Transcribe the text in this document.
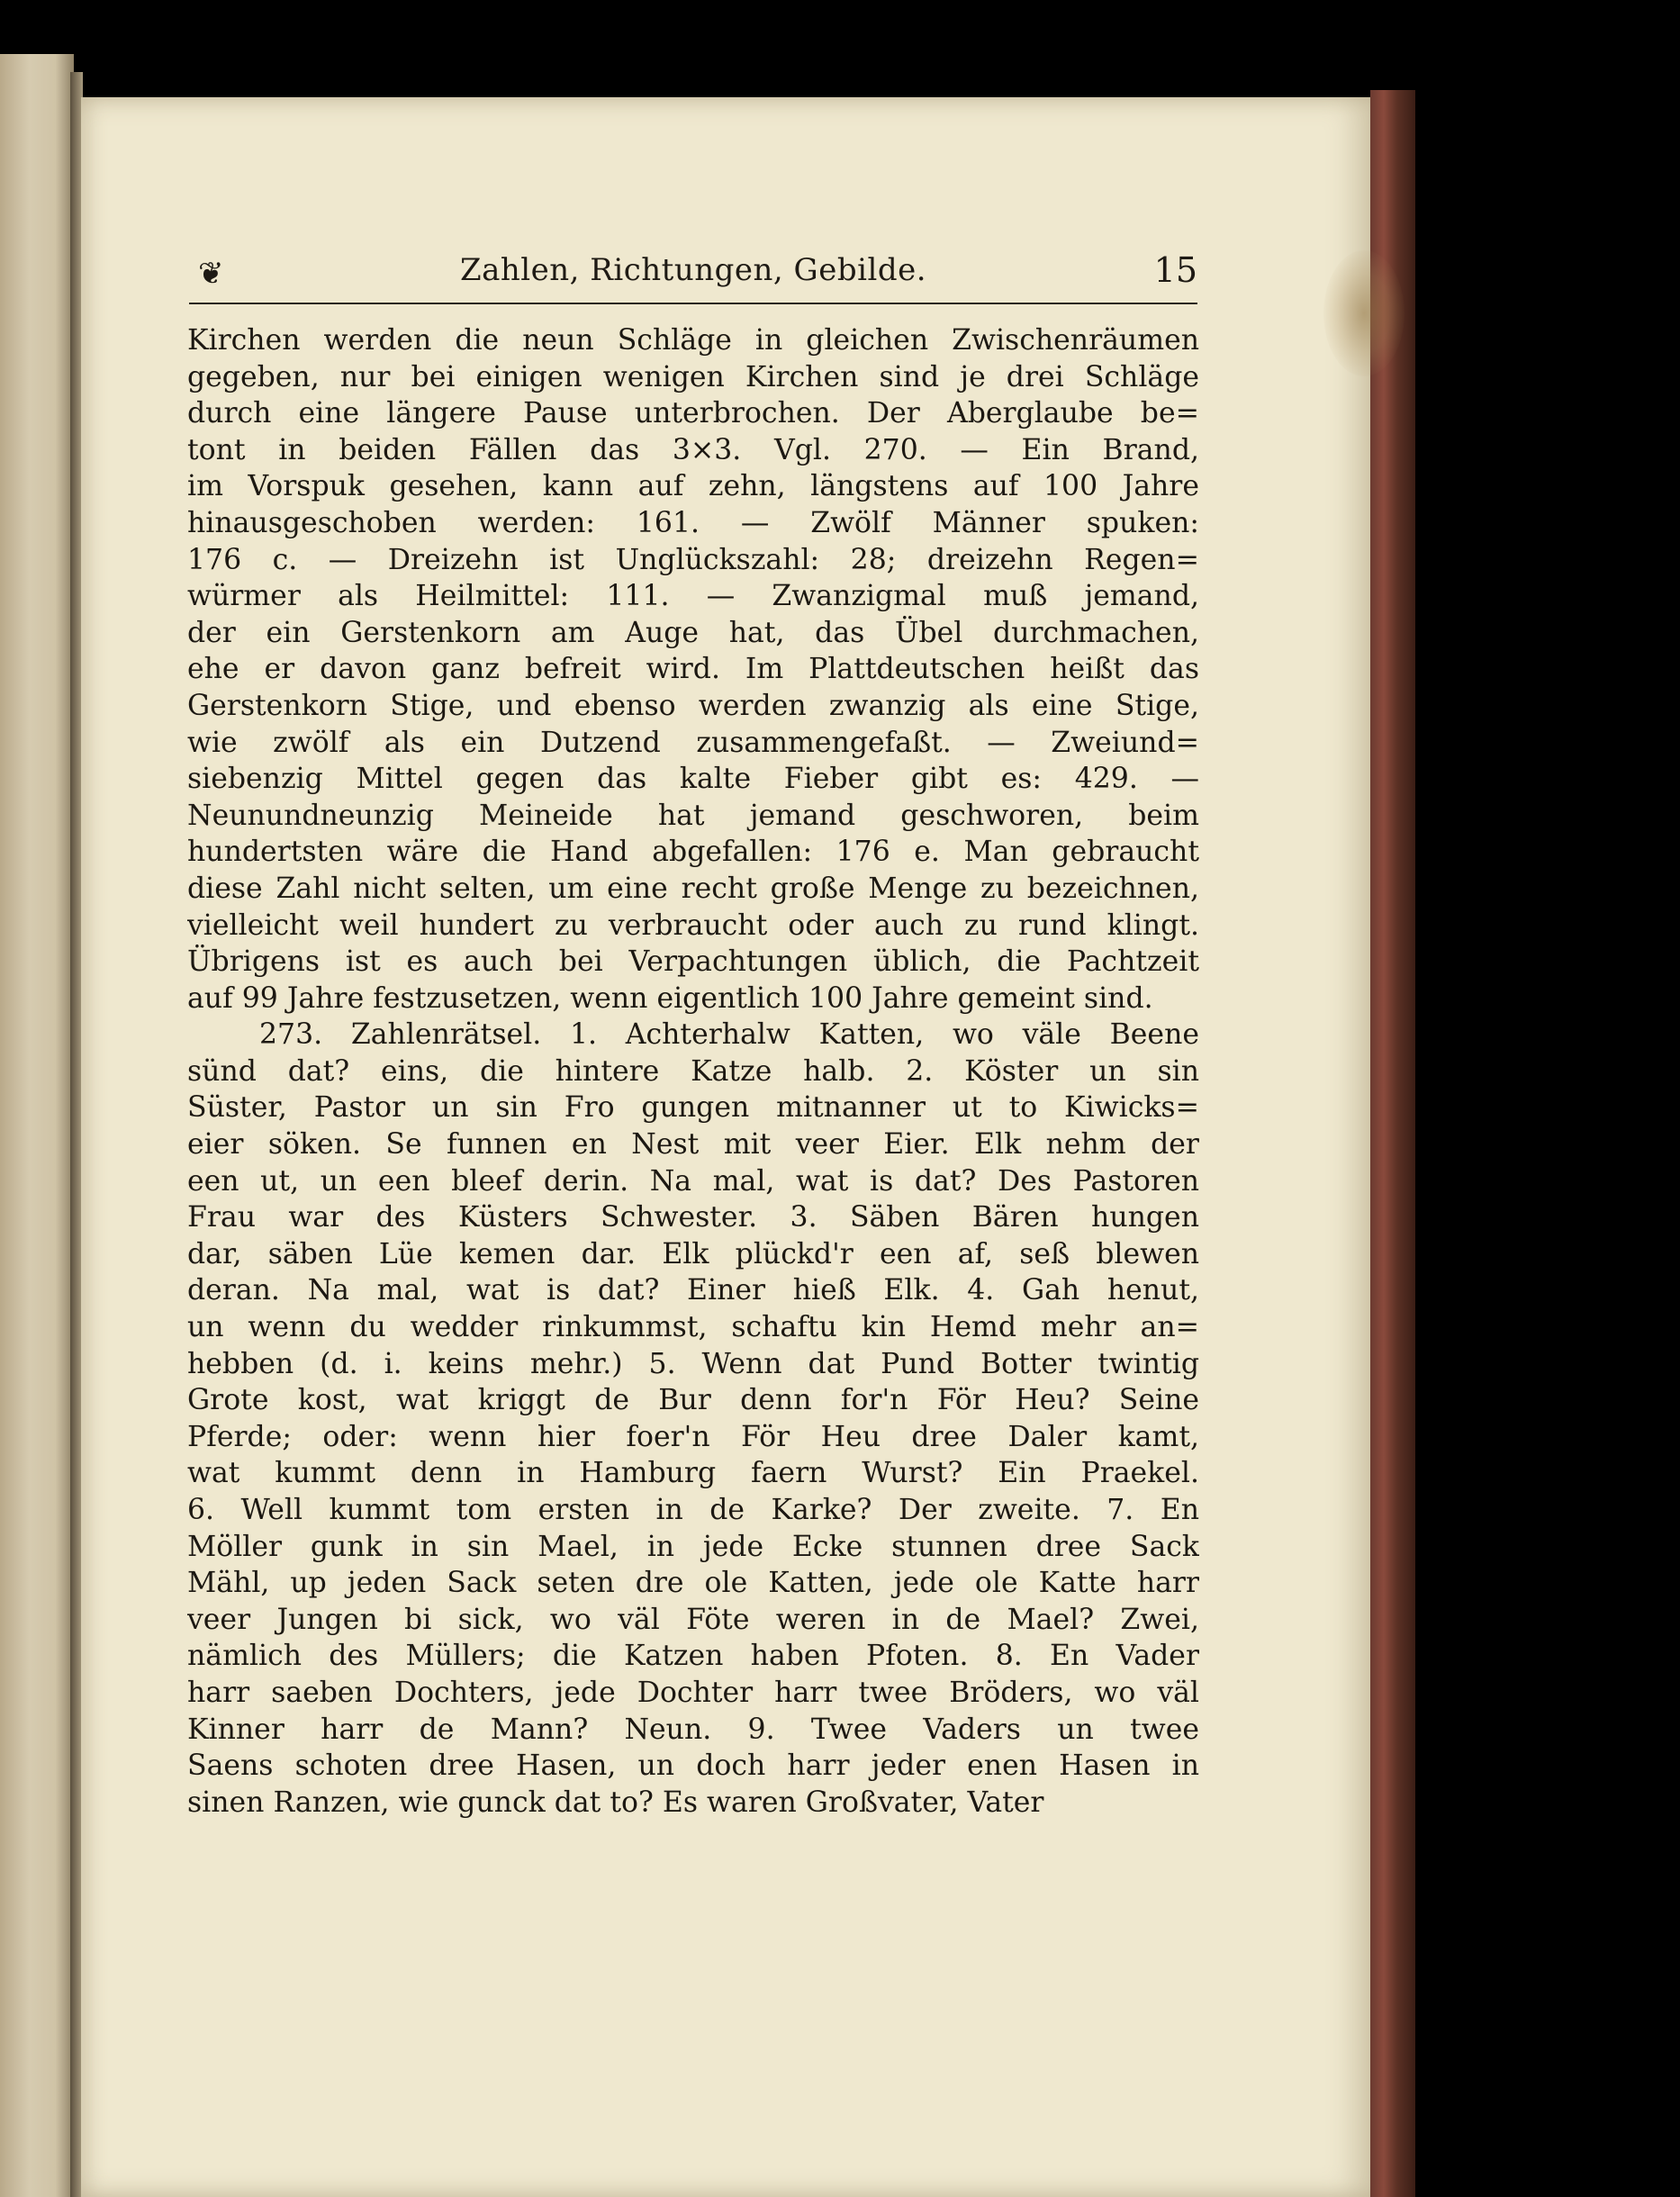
❦	Zahlen, Richtungen, Gebilde.	15
Kirchen werden die neun Schläge in gleichen Zwischenräumen
gegeben, nur bei einigen wenigen Kirchen sind je drei Schläge
durch eine längere Pause unterbrochen. Der Aberglaube be=
tont in beiden Fällen das 3×3. Vgl. 270. — Ein Brand,
im Vorspuk gesehen, kann auf zehn, längstens auf 100 Jahre
hinausgeschoben werden: 161. — Zwölf Männer spuken:
176 c. — Dreizehn ist Unglückszahl: 28; dreizehn Regen=
würmer als Heilmittel: 111. — Zwanzigmal muß jemand,
der ein Gerstenkorn am Auge hat, das Übel durchmachen,
ehe er davon ganz befreit wird. Im Plattdeutschen heißt das
Gerstenkorn Stige, und ebenso werden zwanzig als eine Stige,
wie zwölf als ein Dutzend zusammengefaßt. — Zweiund=
siebenzig Mittel gegen das kalte Fieber gibt es: 429. —
Neunundneunzig Meineide hat jemand geschworen, beim
hundertsten wäre die Hand abgefallen: 176 e. Man gebraucht
diese Zahl nicht selten, um eine recht große Menge zu bezeichnen,
vielleicht weil hundert zu verbraucht oder auch zu rund klingt.
Übrigens ist es auch bei Verpachtungen üblich, die Pachtzeit
auf 99 Jahre festzusetzen, wenn eigentlich 100 Jahre gemeint sind.
273. Zahlenrätsel. 1. Achterhalw Katten, wo väle Beene
sünd dat? eins, die hintere Katze halb. 2. Köster un sin
Süster, Pastor un sin Fro gungen mitnanner ut to Kiwicks=
eier söken. Se funnen en Nest mit veer Eier. Elk nehm der
een ut, un een bleef derin. Na mal, wat is dat? Des Pastoren
Frau war des Küsters Schwester. 3. Säben Bären hungen
dar, säben Lüe kemen dar. Elk plückd'r een af, seß blewen
deran. Na mal, wat is dat? Einer hieß Elk. 4. Gah henut,
un wenn du wedder rinkummst, schaftu kin Hemd mehr an=
hebben (d. i. keins mehr.) 5. Wenn dat Pund Botter twintig
Grote kost, wat kriggt de Bur denn for'n För Heu? Seine
Pferde; oder: wenn hier foer'n För Heu dree Daler kamt,
wat kummt denn in Hamburg faern Wurst? Ein Praekel.
6. Well kummt tom ersten in de Karke? Der zweite. 7. En
Möller gunk in sin Mael, in jede Ecke stunnen dree Sack
Mähl, up jeden Sack seten dre ole Katten, jede ole Katte harr
veer Jungen bi sick, wo väl Föte weren in de Mael? Zwei,
nämlich des Müllers; die Katzen haben Pfoten. 8. En Vader
harr saeben Dochters, jede Dochter harr twee Bröders, wo väl
Kinner harr de Mann? Neun. 9. Twee Vaders un twee
Saens schoten dree Hasen, un doch harr jeder enen Hasen in
sinen Ranzen, wie gunck dat to? Es waren Großvater, Vater
